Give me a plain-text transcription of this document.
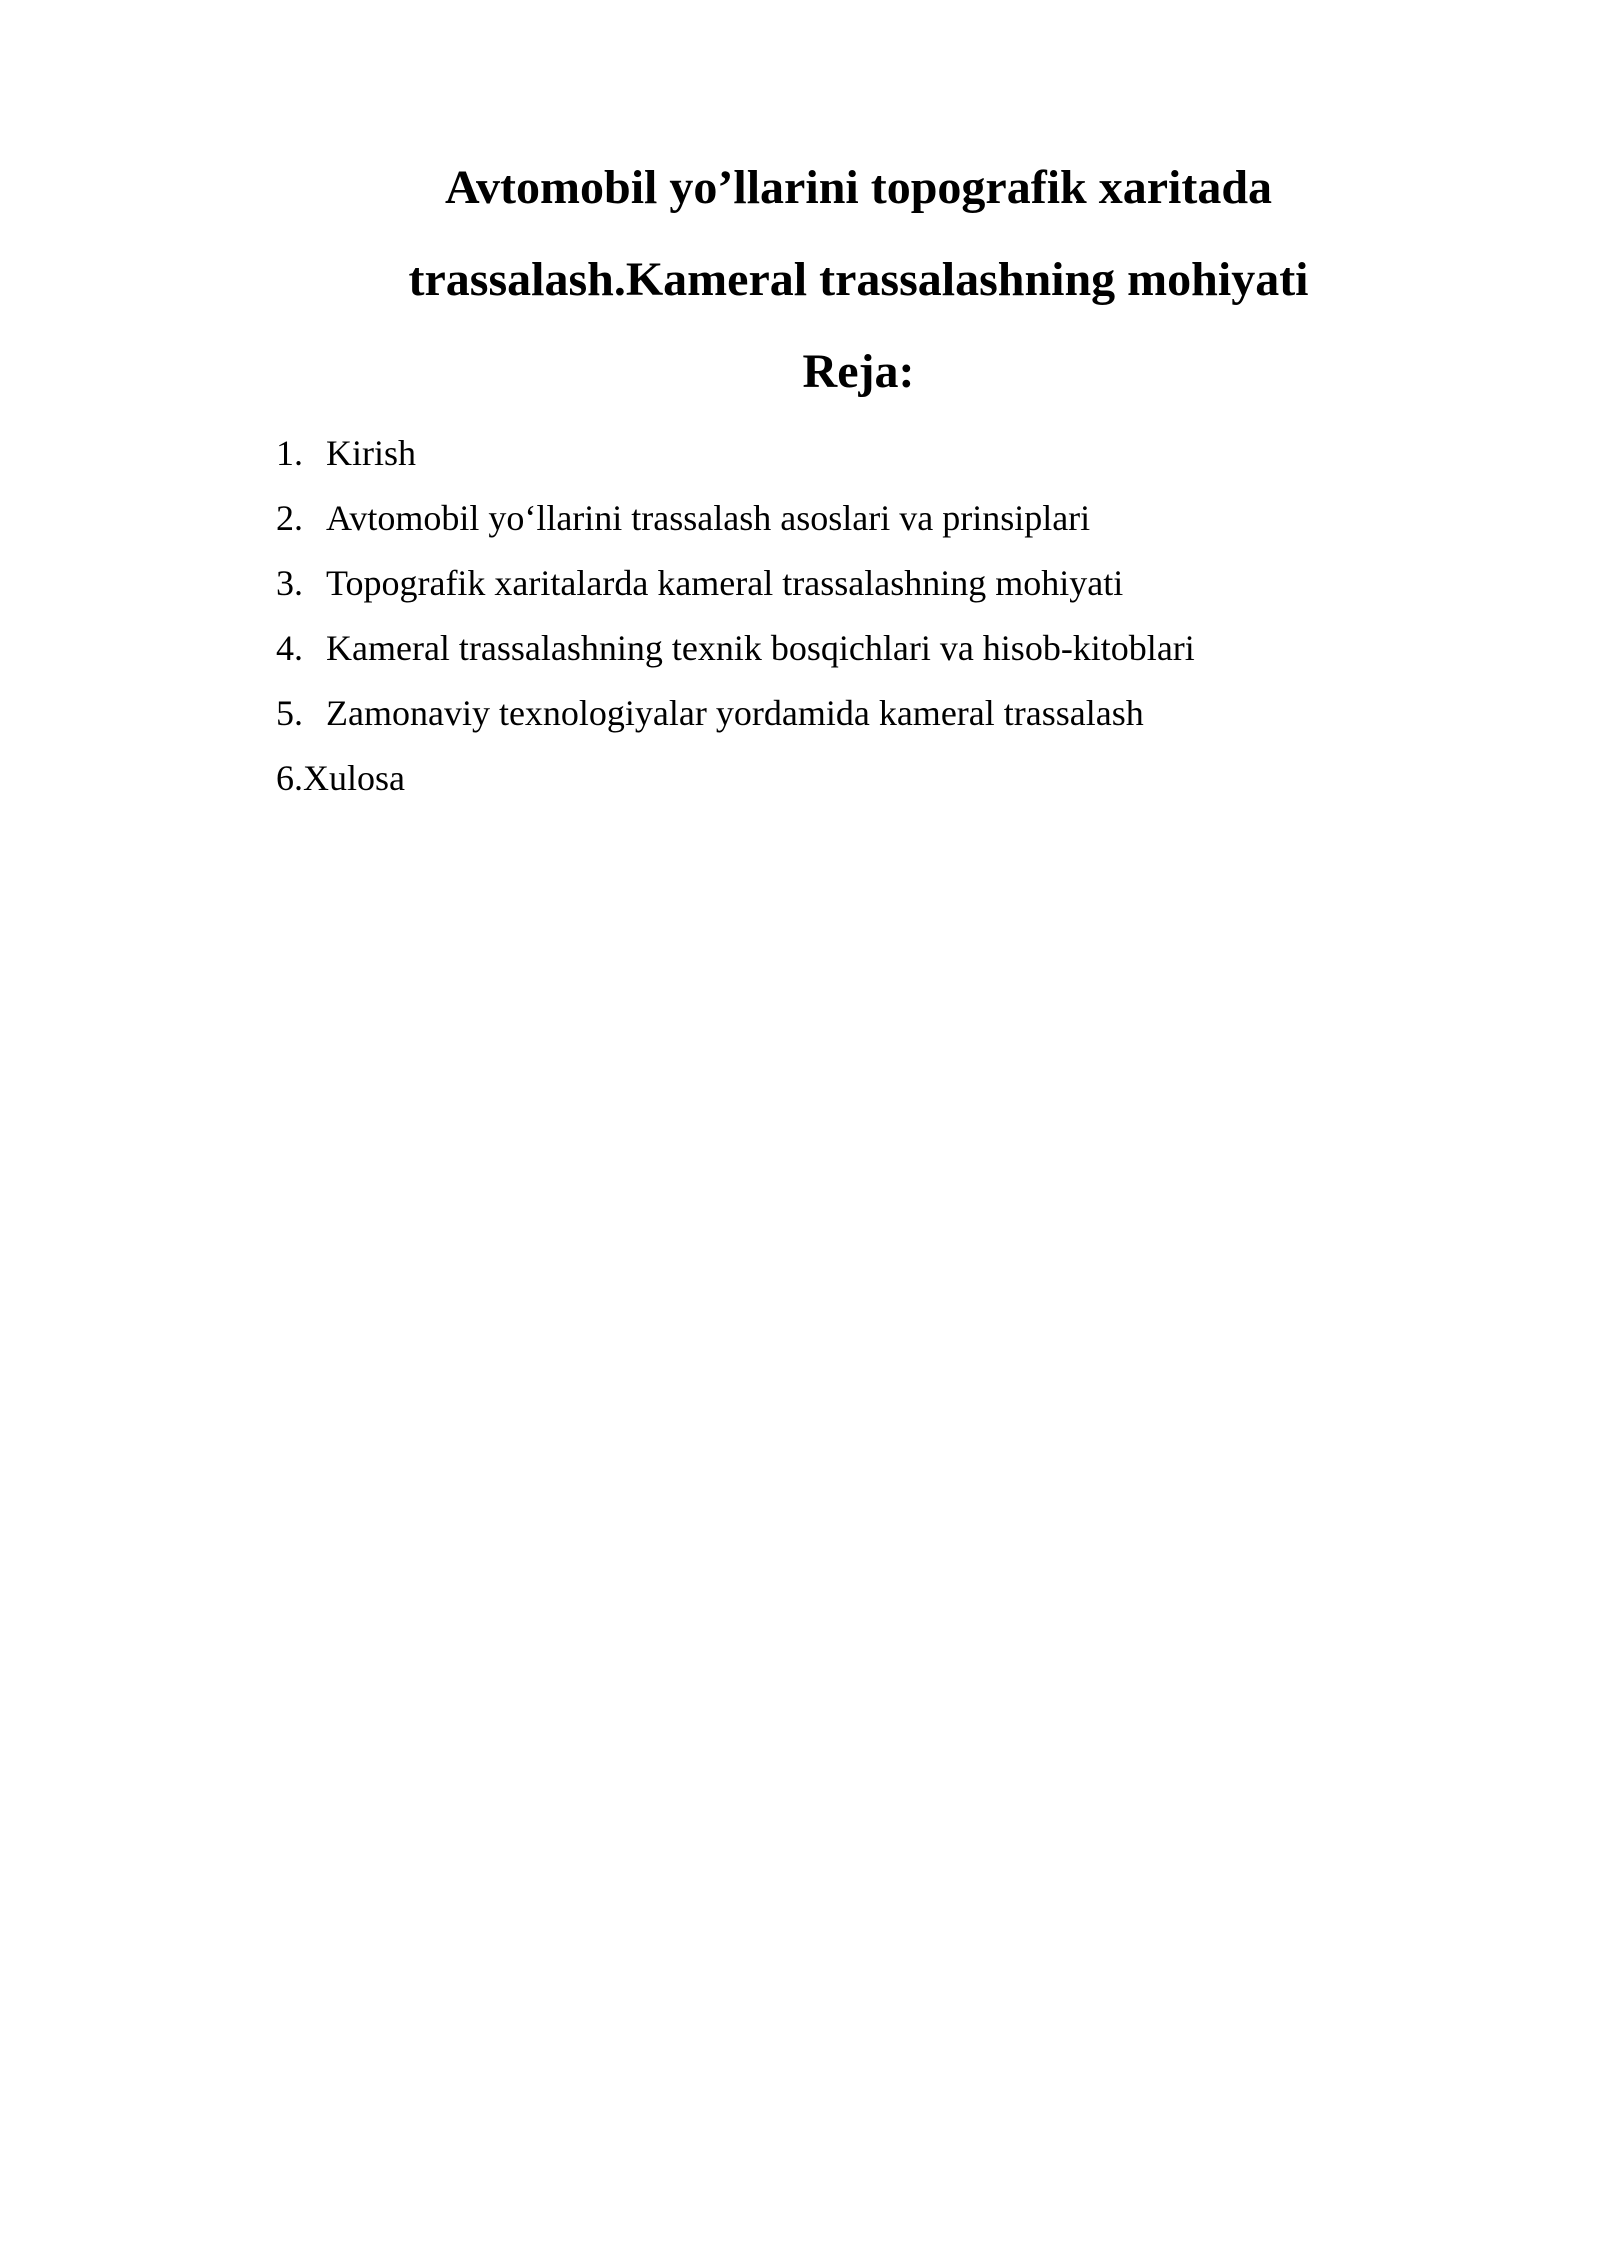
Avtomobil yo’llarini topografik xaritada
trassalash.Kameral trassalashning mohiyati
Reja:
1. Kirish
2. Avtomobil yo‘llarini trassalash asoslari va prinsiplari
3. Topografik xaritalarda kameral trassalashning mohiyati
4. Kameral trassalashning texnik bosqichlari va hisob-kitoblari
5. Zamonaviy texnologiyalar yordamida kameral trassalash
6. Xulosa
